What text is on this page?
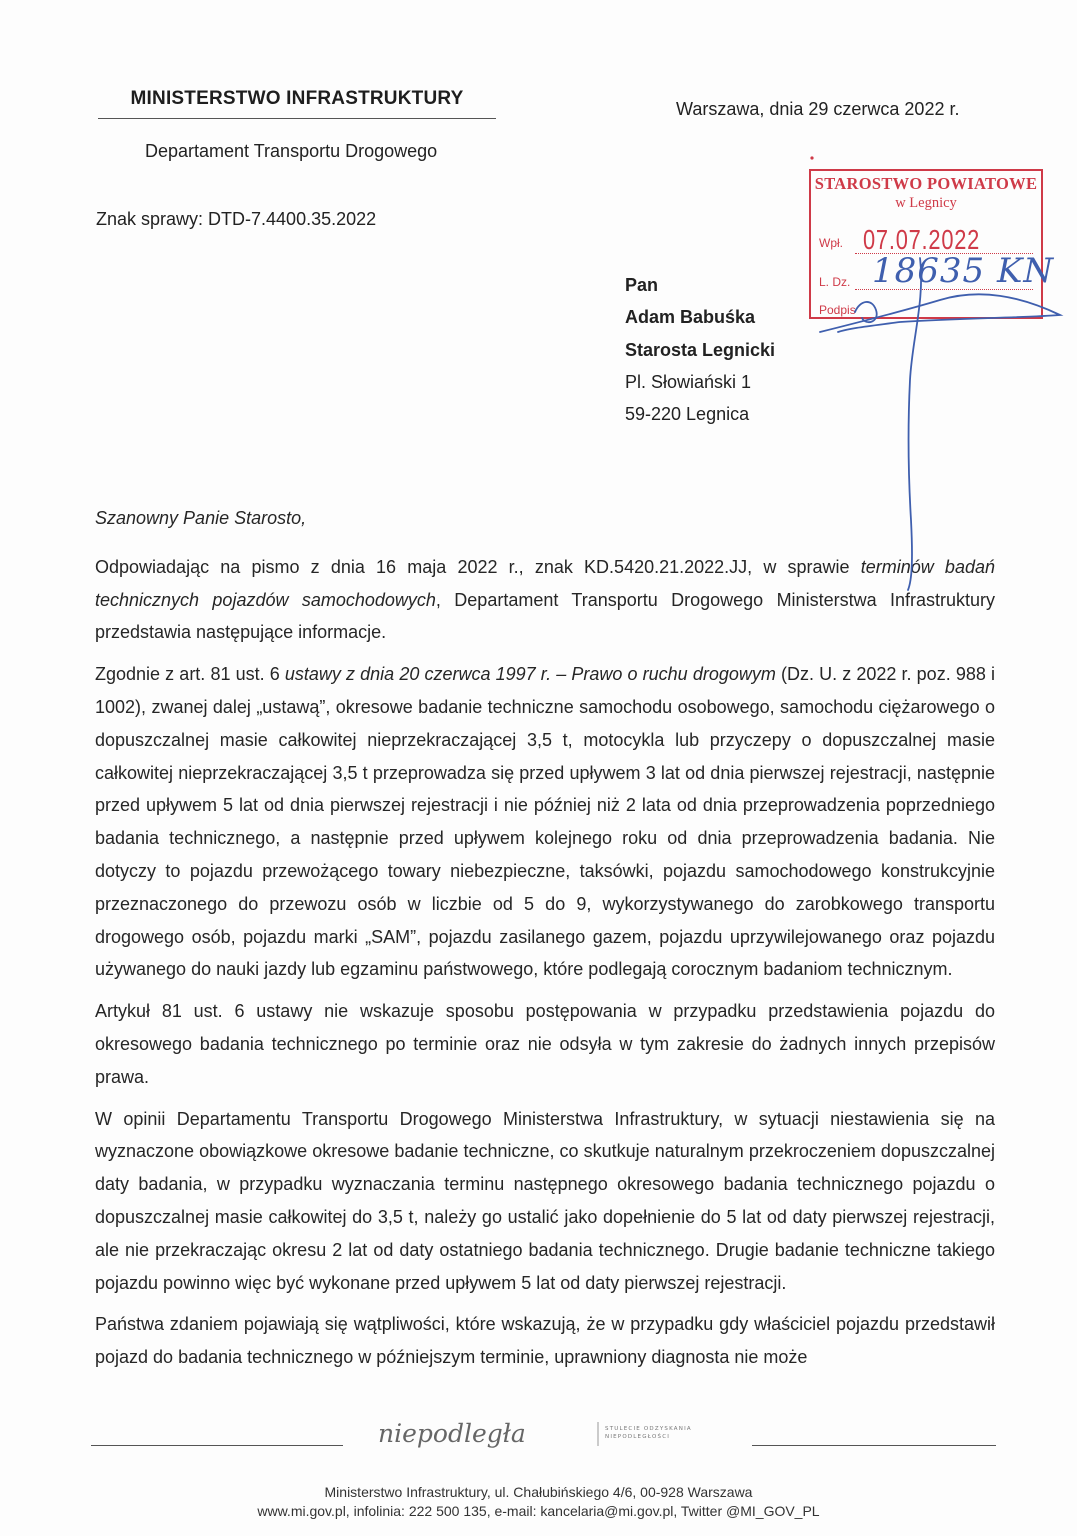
MINISTERSTWO INFRASTRUKTURY
Departament Transportu Drogowego
Warszawa, dnia 29 czerwca 2022 r.
Znak sprawy: DTD-7.4400.35.2022
STAROSTWO POWIATOWE
w Legnicy
Wpł. 07.07.2022
L. Dz.
Podpis
Pan
Adam Babuśka
Starosta Legnicki
Pl. Słowiański 1
59-220 Legnica

Szanowny Panie Starosto,

Odpowiadając na pismo z dnia 16 maja 2022 r., znak KD.5420.21.2022.JJ, w sprawie terminów badań technicznych pojazdów samochodowych, Departament Transportu Drogowego Ministerstwa Infrastruktury przedstawia następujące informacje.

Zgodnie z art. 81 ust. 6 ustawy z dnia 20 czerwca 1997 r. – Prawo o ruchu drogowym (Dz. U. z 2022 r. poz. 988 i 1002), zwanej dalej „ustawą”, okresowe badanie techniczne samochodu osobowego, samochodu ciężarowego o dopuszczalnej masie całkowitej nieprzekraczającej 3,5 t, motocykla lub przyczepy o dopuszczalnej masie całkowitej nieprzekraczającej 3,5 t przeprowadza się przed upływem 3 lat od dnia pierwszej rejestracji, następnie przed upływem 5 lat od dnia pierwszej rejestracji i nie później niż 2 lata od dnia przeprowadzenia poprzedniego badania technicznego, a następnie przed upływem kolejnego roku od dnia przeprowadzenia badania. Nie dotyczy to pojazdu przewożącego towary niebezpieczne, taksówki, pojazdu samochodowego konstrukcyjnie przeznaczonego do przewozu osób w liczbie od 5 do 9, wykorzystywanego do zarobkowego transportu drogowego osób, pojazdu marki „SAM”, pojazdu zasilanego gazem, pojazdu uprzywilejowanego oraz pojazdu używanego do nauki jazdy lub egzaminu państwowego, które podlegają corocznym badaniom technicznym.

Artykuł 81 ust. 6 ustawy nie wskazuje sposobu postępowania w przypadku przedstawienia pojazdu do okresowego badania technicznego po terminie oraz nie odsyła w tym zakresie do żadnych innych przepisów prawa.

W opinii Departamentu Transportu Drogowego Ministerstwa Infrastruktury, w sytuacji niestawienia się na wyznaczone obowiązkowe okresowe badanie techniczne, co skutkuje naturalnym przekroczeniem dopuszczalnej daty badania, w przypadku wyznaczania terminu następnego okresowego badania technicznego pojazdu o dopuszczalnej masie całkowitej do 3,5 t, należy go ustalić jako dopełnienie do 5 lat od daty pierwszej rejestracji, ale nie przekraczając okresu 2 lat od daty ostatniego badania technicznego. Drugie badanie techniczne takiego pojazdu powinno więc być wykonane przed upływem 5 lat od daty pierwszej rejestracji.

Państwa zdaniem pojawiają się wątpliwości, które wskazują, że w przypadku gdy właściciel pojazdu przedstawił pojazd do badania technicznego w późniejszym terminie, uprawniony diagnosta nie może

niepodległa	STULECIE ODZYSKANIA
NIEPODLEGŁOŚCI
Ministerstwo Infrastruktury, ul. Chałubińskiego 4/6, 00-928 Warszawa
www.mi.gov.pl, infolinia: 222 500 135, e-mail: kancelaria@mi.gov.pl, Twitter @MI_GOV_PL
18635 KN
